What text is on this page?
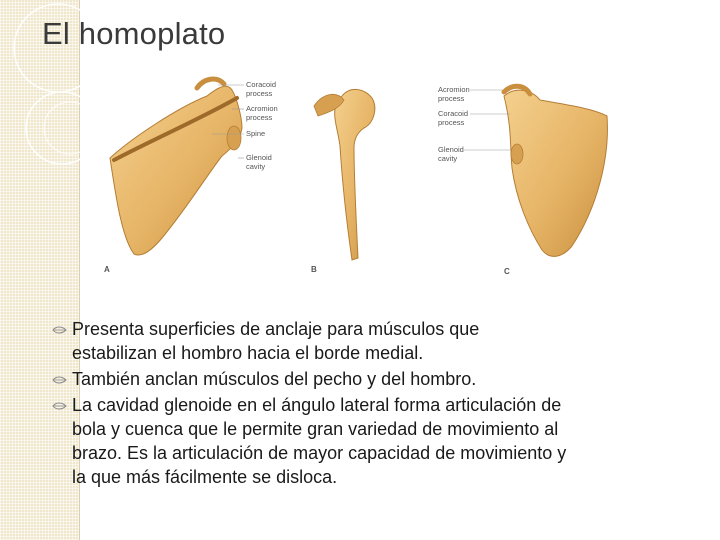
El homoplato
Coracoid
process
Acromion
process
Spine
Glenoid
cavity
A	B
Acromion
process
Coracoid
process
Glenoid
cavity
C
Presenta superficies de anclaje para músculos que
estabilizan el hombro hacia el borde medial.
También anclan músculos del pecho y del hombro.
La cavidad glenoide en el ángulo lateral forma articulación de
bola y cuenca que le permite gran variedad de movimiento al
brazo. Es la articulación de mayor capacidad de movimiento y
la que más fácilmente se disloca.
